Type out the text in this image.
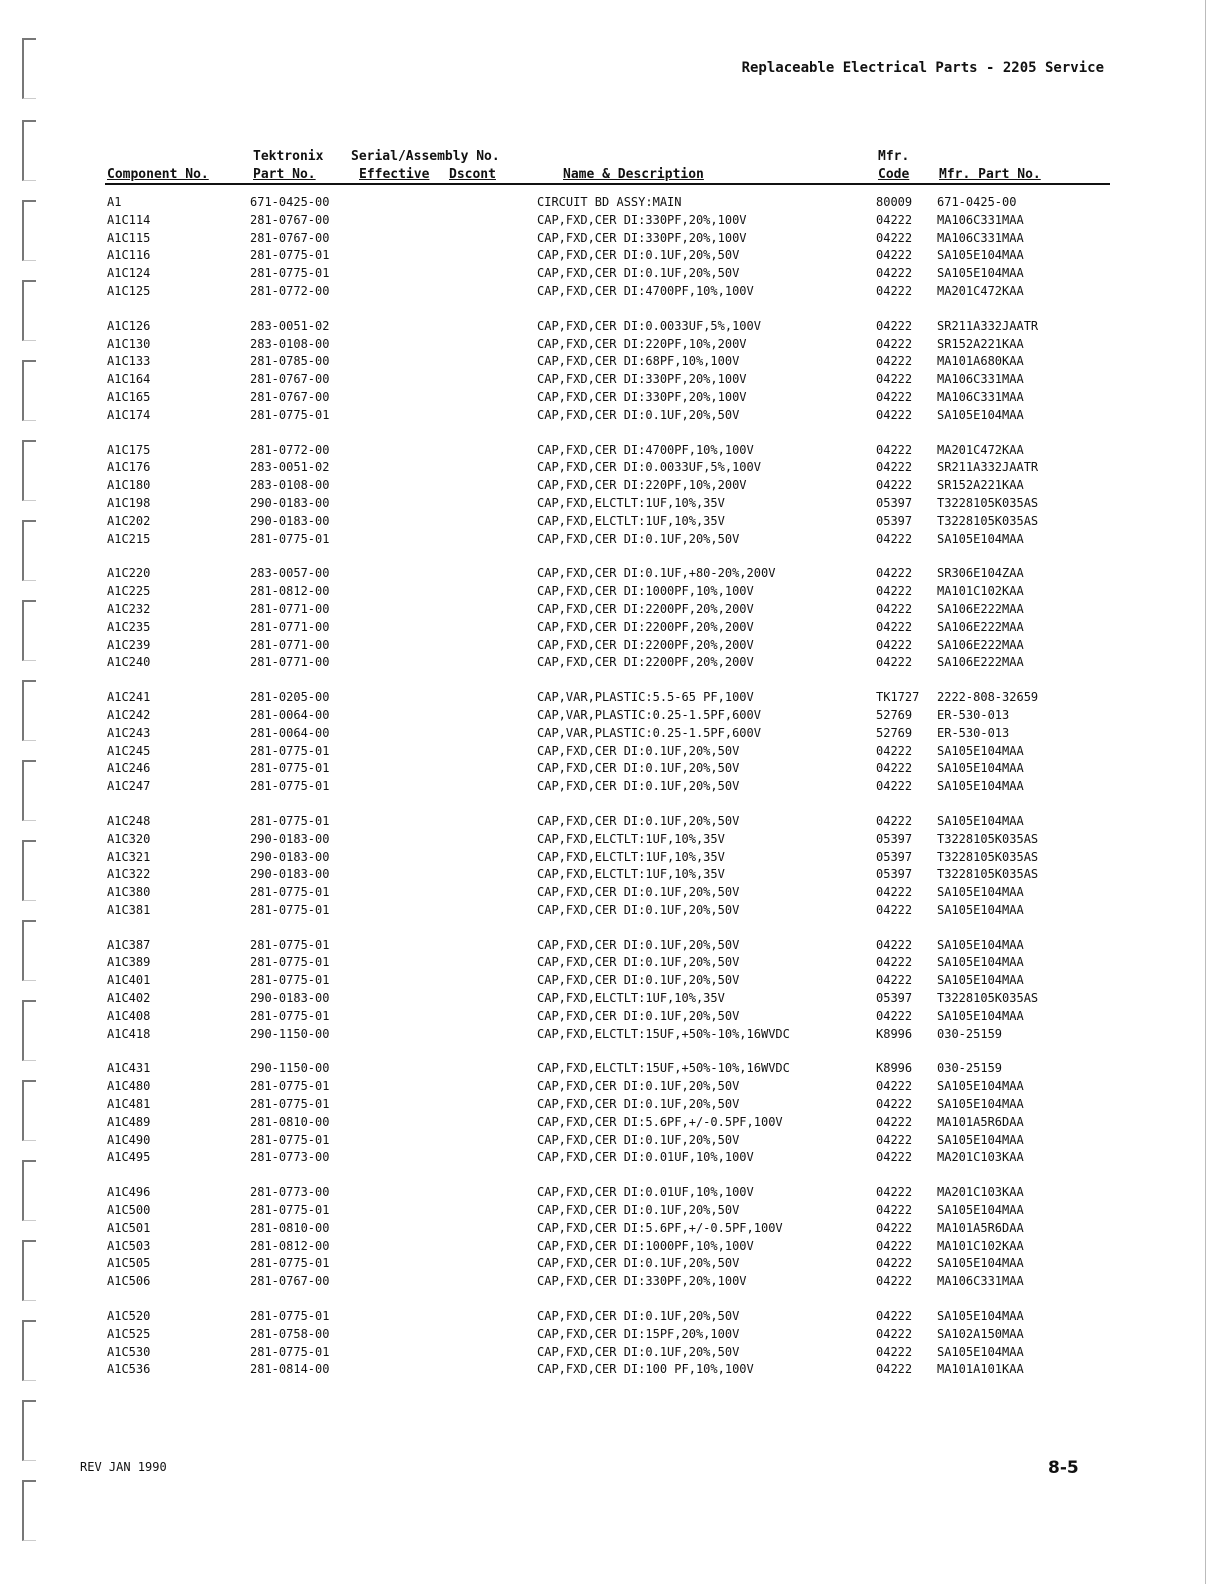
Replaceable Electrical Parts - 2205 Service
Tektronix Serial/Assembly No.	Mfr.
Component No.	Part No.	Effective Dscont	Name & Description	Code Mfr. Part No.
A1	671-0425-00	CIRCUIT BD ASSY:MAIN	80009 671-0425-00
A1C114	281-0767-00	CAP,FXD,CER DI:330PF,20%,100V	04222 MA106C331MAA
A1C115	281-0767-00	CAP,FXD,CER DI:330PF,20%,100V	04222 MA106C331MAA
A1C116	281-0775-01	CAP,FXD,CER DI:0.1UF,20%,50V	04222 SA105E104MAA
A1C124	281-0775-01	CAP,FXD,CER DI:0.1UF,20%,50V	04222 SA105E104MAA
A1C125	281-0772-00	CAP,FXD,CER DI:4700PF,10%,100V	04222 MA201C472KAA
A1C126	283-0051-02	CAP,FXD,CER DI:0.0033UF,5%,100V	04222 SR211A332JAATR
A1C130	283-0108-00	CAP,FXD,CER DI:220PF,10%,200V	04222 SR152A221KAA
A1C133	281-0785-00	CAP,FXD,CER DI:68PF,10%,100V	04222 MA101A680KAA
A1C164	281-0767-00	CAP,FXD,CER DI:330PF,20%,100V	04222 MA106C331MAA
A1C165	281-0767-00	CAP,FXD,CER DI:330PF,20%,100V	04222 MA106C331MAA
A1C174	281-0775-01	CAP,FXD,CER DI:0.1UF,20%,50V	04222 SA105E104MAA
A1C175	281-0772-00	CAP,FXD,CER DI:4700PF,10%,100V	04222 MA201C472KAA
A1C176	283-0051-02	CAP,FXD,CER DI:0.0033UF,5%,100V	04222 SR211A332JAATR
A1C180	283-0108-00	CAP,FXD,CER DI:220PF,10%,200V	04222 SR152A221KAA
A1C198	290-0183-00	CAP,FXD,ELCTLT:1UF,10%,35V	05397 T3228105K035AS
A1C202	290-0183-00	CAP,FXD,ELCTLT:1UF,10%,35V	05397 T3228105K035AS
A1C215	281-0775-01	CAP,FXD,CER DI:0.1UF,20%,50V	04222 SA105E104MAA
A1C220	283-0057-00	CAP,FXD,CER DI:0.1UF,+80-20%,200V	04222 SR306E104ZAA
A1C225	281-0812-00	CAP,FXD,CER DI:1000PF,10%,100V	04222 MA101C102KAA
A1C232	281-0771-00	CAP,FXD,CER DI:2200PF,20%,200V	04222 SA106E222MAA
A1C235	281-0771-00	CAP,FXD,CER DI:2200PF,20%,200V	04222 SA106E222MAA
A1C239	281-0771-00	CAP,FXD,CER DI:2200PF,20%,200V	04222 SA106E222MAA
A1C240	281-0771-00	CAP,FXD,CER DI:2200PF,20%,200V	04222 SA106E222MAA
A1C241	281-0205-00	CAP,VAR,PLASTIC:5.5-65 PF,100V	TK1727 2222-808-32659
A1C242	281-0064-00	CAP,VAR,PLASTIC:0.25-1.5PF,600V	52769 ER-530-013
A1C243	281-0064-00	CAP,VAR,PLASTIC:0.25-1.5PF,600V	52769 ER-530-013
A1C245	281-0775-01	CAP,FXD,CER DI:0.1UF,20%,50V	04222 SA105E104MAA
A1C246	281-0775-01	CAP,FXD,CER DI:0.1UF,20%,50V	04222 SA105E104MAA
A1C247	281-0775-01	CAP,FXD,CER DI:0.1UF,20%,50V	04222 SA105E104MAA
A1C248	281-0775-01	CAP,FXD,CER DI:0.1UF,20%,50V	04222 SA105E104MAA
A1C320	290-0183-00	CAP,FXD,ELCTLT:1UF,10%,35V	05397 T3228105K035AS
A1C321	290-0183-00	CAP,FXD,ELCTLT:1UF,10%,35V	05397 T3228105K035AS
A1C322	290-0183-00	CAP,FXD,ELCTLT:1UF,10%,35V	05397 T3228105K035AS
A1C380	281-0775-01	CAP,FXD,CER DI:0.1UF,20%,50V	04222 SA105E104MAA
A1C381	281-0775-01	CAP,FXD,CER DI:0.1UF,20%,50V	04222 SA105E104MAA
A1C387	281-0775-01	CAP,FXD,CER DI:0.1UF,20%,50V	04222 SA105E104MAA
A1C389	281-0775-01	CAP,FXD,CER DI:0.1UF,20%,50V	04222 SA105E104MAA
A1C401	281-0775-01	CAP,FXD,CER DI:0.1UF,20%,50V	04222 SA105E104MAA
A1C402	290-0183-00	CAP,FXD,ELCTLT:1UF,10%,35V	05397 T3228105K035AS
A1C408	281-0775-01	CAP,FXD,CER DI:0.1UF,20%,50V	04222 SA105E104MAA
A1C418	290-1150-00	CAP,FXD,ELCTLT:15UF,+50%-10%,16WVDC	K8996 030-25159
A1C431	290-1150-00	CAP,FXD,ELCTLT:15UF,+50%-10%,16WVDC	K8996 030-25159
A1C480	281-0775-01	CAP,FXD,CER DI:0.1UF,20%,50V	04222 SA105E104MAA
A1C481	281-0775-01	CAP,FXD,CER DI:0.1UF,20%,50V	04222 SA105E104MAA
A1C489	281-0810-00	CAP,FXD,CER DI:5.6PF,+/-0.5PF,100V	04222 MA101A5R6DAA
A1C490	281-0775-01	CAP,FXD,CER DI:0.1UF,20%,50V	04222 SA105E104MAA
A1C495	281-0773-00	CAP,FXD,CER DI:0.01UF,10%,100V	04222 MA201C103KAA
A1C496	281-0773-00	CAP,FXD,CER DI:0.01UF,10%,100V	04222 MA201C103KAA
A1C500	281-0775-01	CAP,FXD,CER DI:0.1UF,20%,50V	04222 SA105E104MAA
A1C501	281-0810-00	CAP,FXD,CER DI:5.6PF,+/-0.5PF,100V	04222 MA101A5R6DAA
A1C503	281-0812-00	CAP,FXD,CER DI:1000PF,10%,100V	04222 MA101C102KAA
A1C505	281-0775-01	CAP,FXD,CER DI:0.1UF,20%,50V	04222 SA105E104MAA
A1C506	281-0767-00	CAP,FXD,CER DI:330PF,20%,100V	04222 MA106C331MAA
A1C520	281-0775-01	CAP,FXD,CER DI:0.1UF,20%,50V	04222 SA105E104MAA
A1C525	281-0758-00	CAP,FXD,CER DI:15PF,20%,100V	04222 SA102A150MAA
A1C530	281-0775-01	CAP,FXD,CER DI:0.1UF,20%,50V	04222 SA105E104MAA
A1C536	281-0814-00	CAP,FXD,CER DI:100 PF,10%,100V	04222 MA101A101KAA
REV JAN 1990	8-5
